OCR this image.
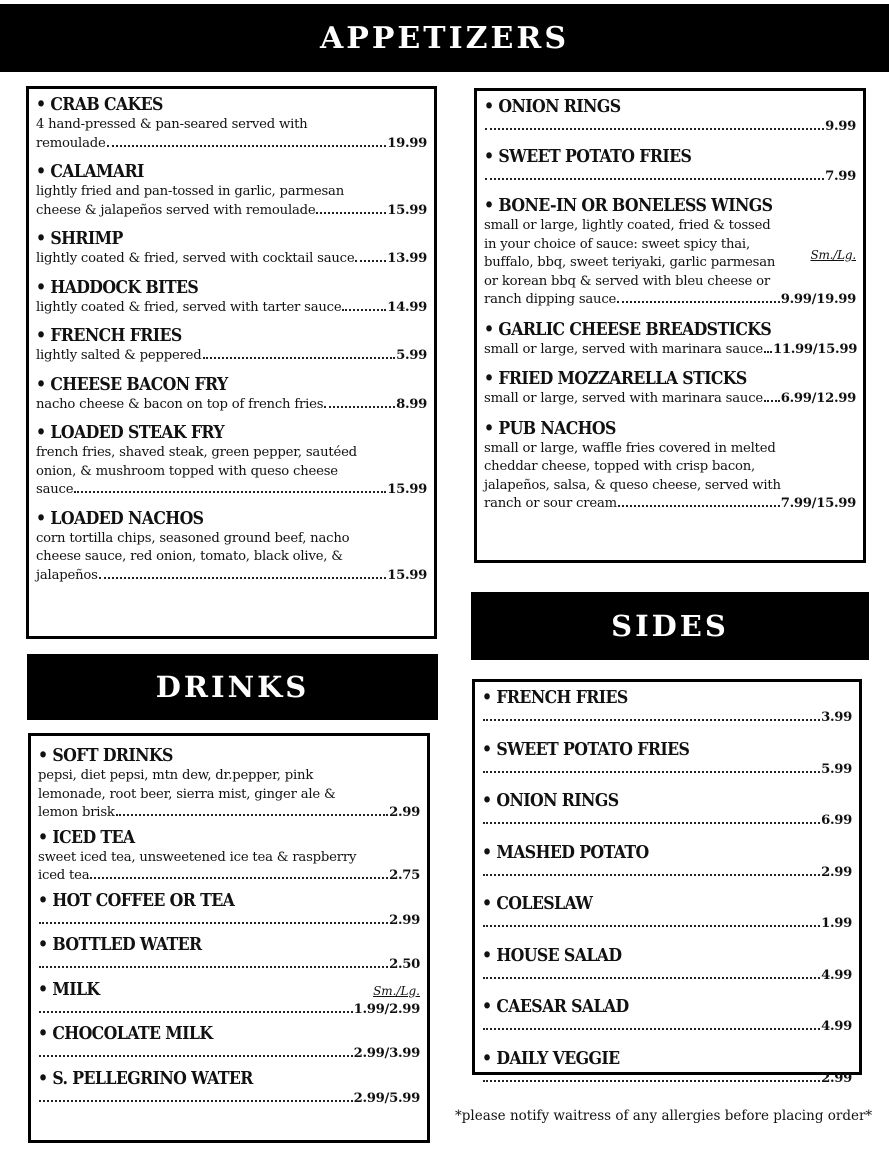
APPETIZERS
• CRAB CAKES
4 hand-pressed & pan-seared served with
remoulade	19.99
• CALAMARI
lightly fried and pan-tossed in garlic, parmesan
cheese & jalapeños served with remoulade	15.99
• SHRIMP
lightly coated & fried, served with cocktail sauce 13.99
• HADDOCK BITES
lightly coated & fried, served with tarter sauce	14.99
• FRENCH FRIES
lightly salted & peppered	5.99
• CHEESE BACON FRY
nacho cheese & bacon on top of french fries	8.99
• LOADED STEAK FRY
french fries, shaved steak, green pepper, sautéed
onion, & mushroom topped with queso cheese
sauce	15.99
• LOADED NACHOS
corn tortilla chips, seasoned ground beef, nacho
cheese sauce, red onion, tomato, black olive, &
jalapeños	15.99
• ONION RINGS
9.99
• SWEET POTATO FRIES
7.99
• BONE-IN OR BONELESS WINGS
small or large, lightly coated, fried & tossed
in your choice of sauce: sweet spicy thai,
buffalo, bbq, sweet teriyaki, garlic parmesan	Sm./Lg.
or korean bbq & served with bleu cheese or
ranch dipping sauce	9.99/19.99
• GARLIC CHEESE BREADSTICKS
small or large, served with marinara sauce 11.99/15.99
• FRIED MOZZARELLA STICKS
small or large, served with marinara sauce 6.99/12.99
• PUB NACHOS
small or large, waffle fries covered in melted
cheddar cheese, topped with crisp bacon,
jalapeños, salsa, & queso cheese, served with
ranch or sour cream	7.99/15.99
SIDES
DRINKS
• SOFT DRINKS
pepsi, diet pepsi, mtn dew, dr.pepper, pink
lemonade, root beer, sierra mist, ginger ale &
lemon brisk	2.99
• ICED TEA
sweet iced tea, unsweetened ice tea & raspberry
iced tea	2.75
• HOT COFFEE OR TEA
2.99
• BOTTLED WATER
2.50
• MILK	Sm./Lg.
1.99/2.99
• CHOCOLATE MILK
2.99/3.99
• S. PELLEGRINO WATER
2.99/5.99
• FRENCH FRIES
3.99
• SWEET POTATO FRIES
5.99
• ONION RINGS
6.99
• MASHED POTATO
2.99
• COLESLAW
1.99
• HOUSE SALAD
4.99
• CAESAR SALAD
4.99
• DAILY VEGGIE
2.99
*please notify waitress of any allergies before placing order*
